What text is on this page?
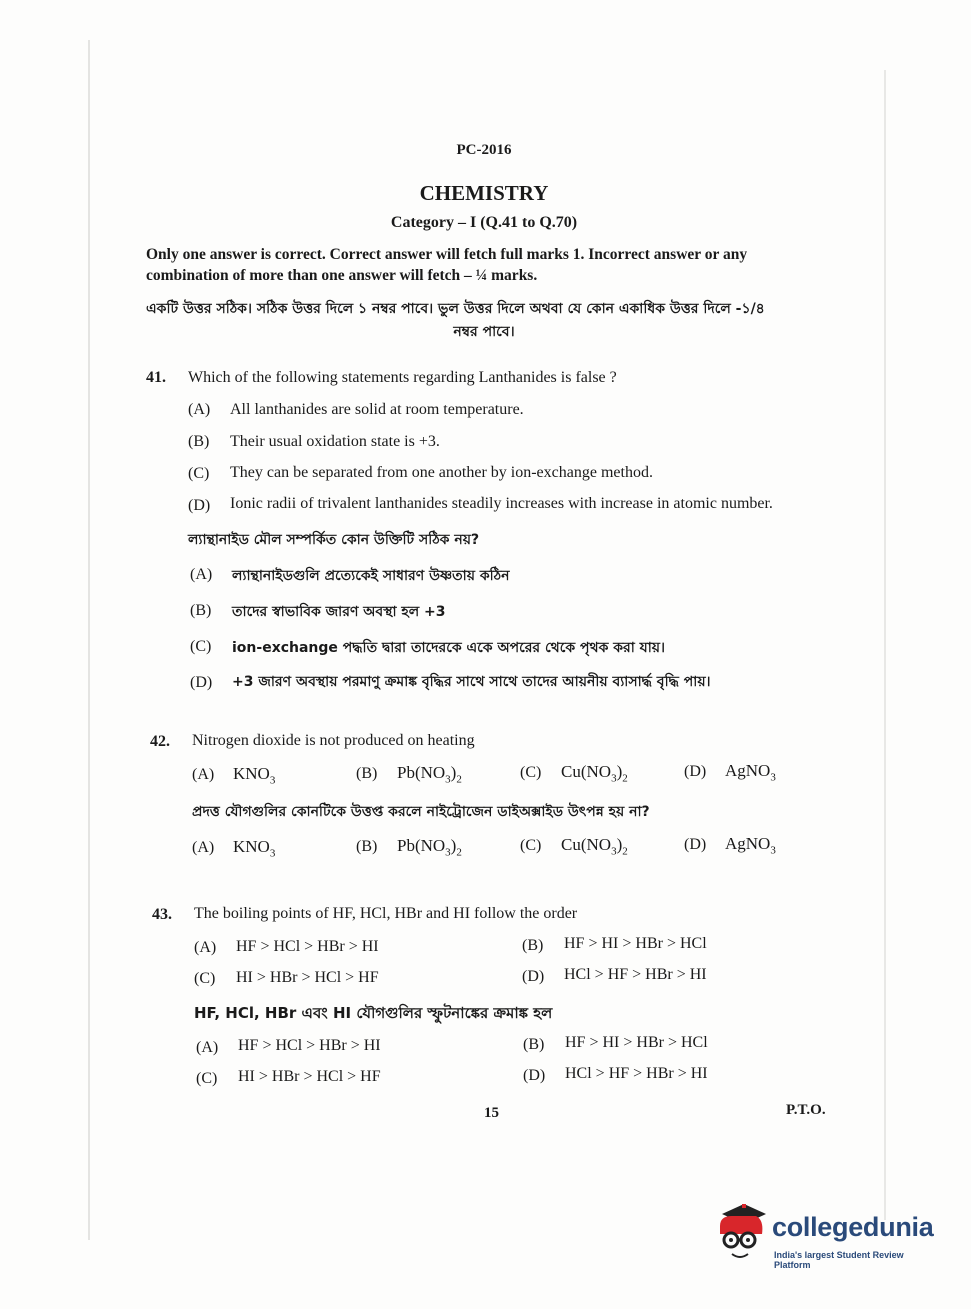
PC-2016
CHEMISTRY
Category – I (Q.41 to Q.70)
Only one answer is correct. Correct answer will fetch full marks 1. Incorrect answer or any
combination of more than one answer will fetch – ¼ marks.
একটি উত্তর সঠিক। সঠিক উত্তর দিলে ১ নম্বর পাবে। ভুল উত্তর দিলে অথবা যে কোন একাধিক উত্তর দিলে -১/৪
নম্বর পাবে।
41. Which of the following statements regarding Lanthanides is false ?
(A) All lanthanides are solid at room temperature.
(B) Their usual oxidation state is +3.
(C) They can be separated from one another by ion-exchange method.
(D) Ionic radii of trivalent lanthanides steadily increases with increase in atomic number.
ল্যান্থানাইড মৌল সম্পর্কিত কোন উক্তিটি সঠিক নয়?
(A) ল্যান্থানাইডগুলি প্রত্যেকেই সাধারণ উষ্ণতায় কঠিন
(B) তাদের স্বাভাবিক জারণ অবস্থা হল +3
(C) ion-exchange পদ্ধতি দ্বারা তাদেরকে একে অপরের থেকে পৃথক করা যায়।
(D) +3 জারণ অবস্থায় পরমাণু ক্রমাঙ্ক বৃদ্ধির সাথে সাথে তাদের আয়নীয় ব্যাসার্দ্ধ বৃদ্ধি পায়।
42. Nitrogen dioxide is not produced on heating
(A) $KNO_3$	(B) $Pb(NO_3)_2$	(C) $Cu(NO_3)_2$	(D) AgNO$_3$
প্রদত্ত যৌগগুলির কোনটিকে উত্তপ্ত করলে নাইট্রোজেন ডাইঅক্সাইড উৎপন্ন হয় না?
(A) $KNO_3$	(B) $Pb(NO_3)_2$	(C) $Cu(NO_3)_2$	(D) AgNO$_3$
43. The boiling points of HF, HCl, HBr and HI follow the order
(A) HF > HCl > HBr > HI	(B) HF > HI > HBr > HCl
(C) HI > HBr > HCl > HF	(D) HCl > HF > HBr > HI
HF, HCl, HBr এবং HI যৌগগুলির স্ফুটনাঙ্কের ক্রমাঙ্ক হল
(A) HF > HCl > HBr > HI	(B) HF > HI > HBr > HCl
(C) HI > HBr > HCl > HF	(D) HCl > HF > HBr > HI
15	P.T.O.
collegedunia
India's largest Student Review Platform
